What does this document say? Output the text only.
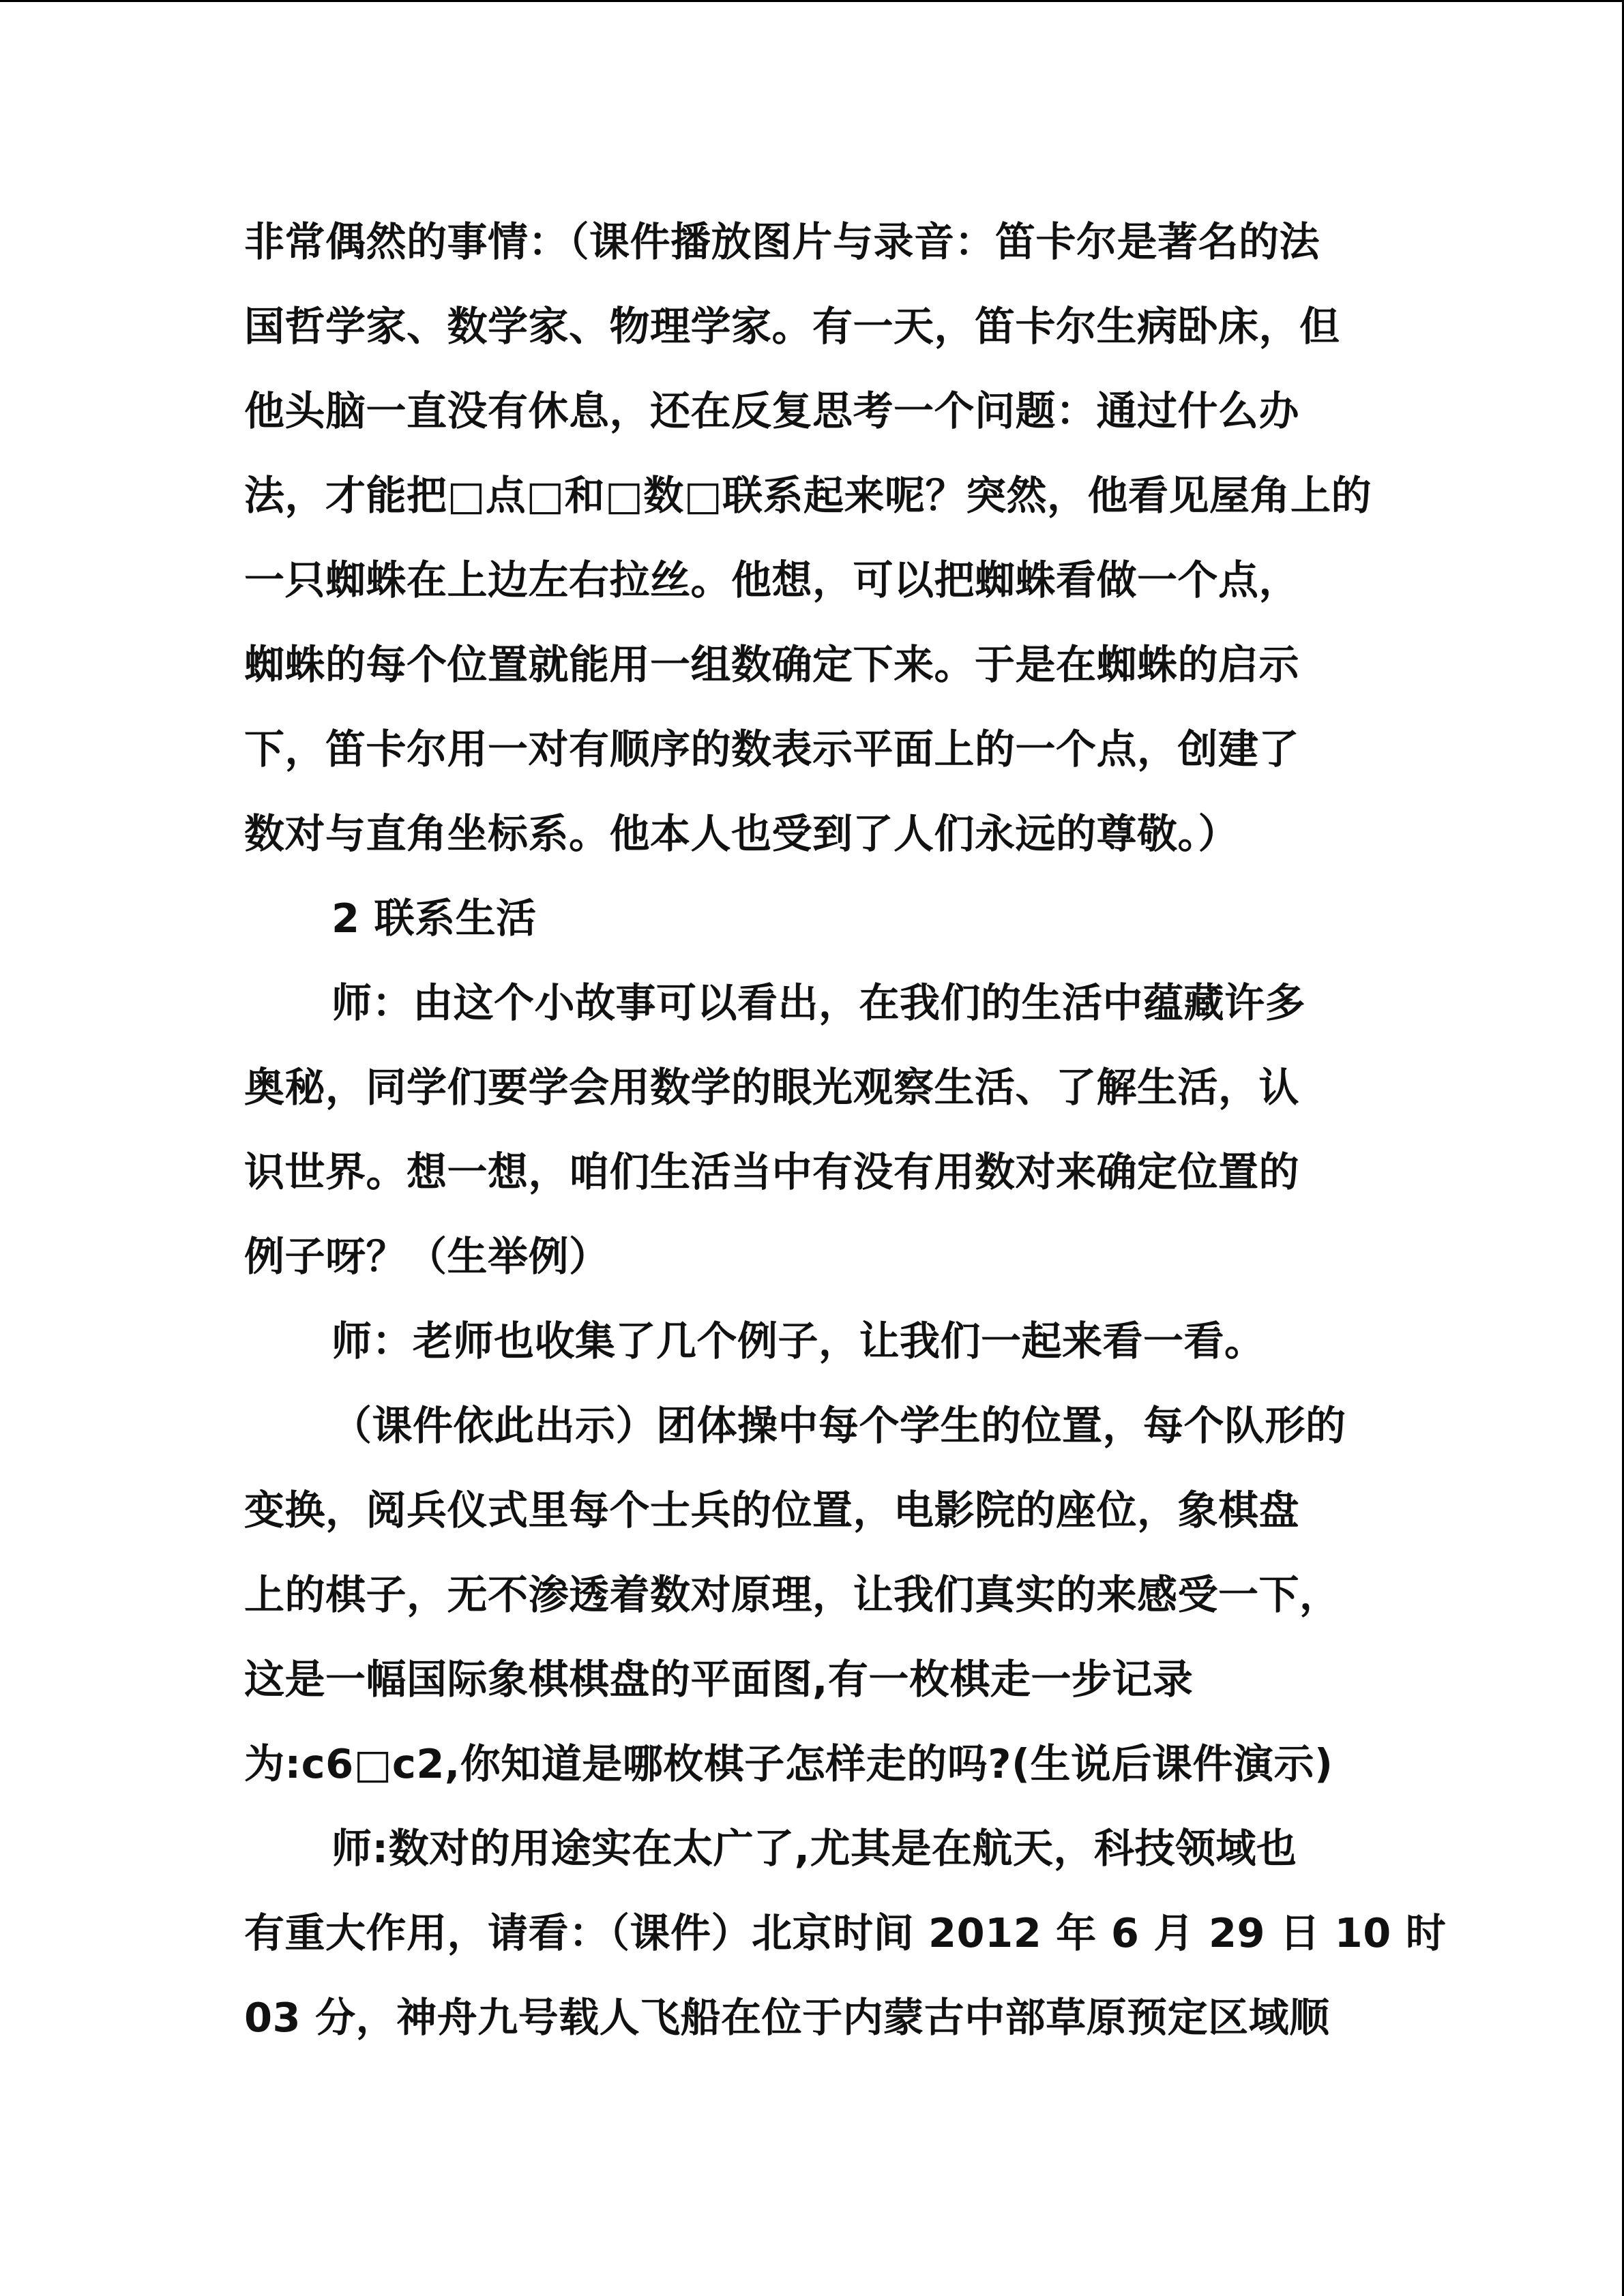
非常偶然的事情：（课件播放图片与录音：笛卡尔是著名的法
国哲学家、数学家、物理学家。有一天，笛卡尔生病卧床，但
他头脑一直没有休息，还在反复思考一个问题：通过什么办
法，才能把□点□和□数□联系起来呢？突然，他看见屋角上的
一只蜘蛛在上边左右拉丝。他想，可以把蜘蛛看做一个点，
蜘蛛的每个位置就能用一组数确定下来。于是在蜘蛛的启示
下，笛卡尔用一对有顺序的数表示平面上的一个点，创建了
数对与直角坐标系。他本人也受到了人们永远的尊敬。）
2 联系生活
师：由这个小故事可以看出，在我们的生活中蕴藏许多
奥秘，同学们要学会用数学的眼光观察生活、了解生活，认
识世界。想一想，咱们生活当中有没有用数对来确定位置的
例子呀？（生举例）
师：老师也收集了几个例子，让我们一起来看一看。
（课件依此出示）团体操中每个学生的位置，每个队形的
变换，阅兵仪式里每个士兵的位置，电影院的座位，象棋盘
上的棋子，无不渗透着数对原理，让我们真实的来感受一下，
这是一幅国际象棋棋盘的平面图,有一枚棋走一步记录
为:c6□c2,你知道是哪枚棋子怎样走的吗?(生说后课件演示)
师:数对的用途实在太广了,尤其是在航天，科技领域也
有重大作用，请看：（课件）北京时间 2012 年 6 月 29 日 10 时
03 分，神舟九号载人飞船在位于内蒙古中部草原预定区域顺
